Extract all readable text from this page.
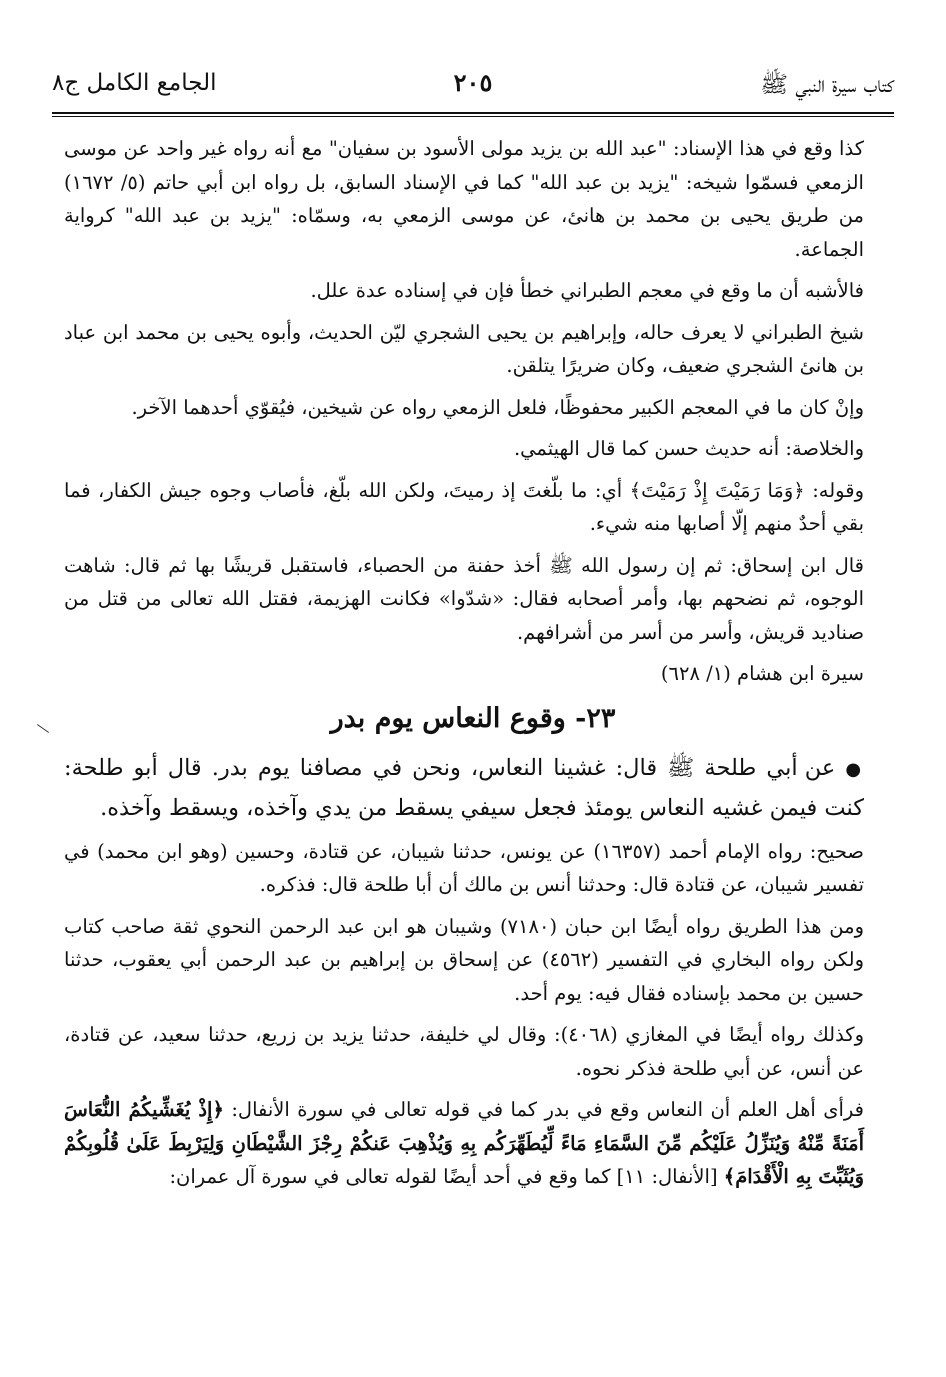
كتاب سيرة النبي ﷺ
٢٠٥
الجامع الكامل ج٨

كذا وقع في هذا الإسناد: "عبد الله بن يزيد مولى الأسود بن سفيان" مع أنه رواه غير واحد عن موسى الزمعي فسمّوا شيخه: "يزيد بن عبد الله" كما في الإسناد السابق، بل رواه ابن أبي حاتم (٥/ ١٦٧٢) من طريق يحيى بن محمد بن هانئ، عن موسى الزمعي به، وسمّاه: "يزيد بن عبد الله" كرواية الجماعة.

فالأشبه أن ما وقع في معجم الطبراني خطأ فإن في إسناده عدة علل.

شيخ الطبراني لا يعرف حاله، وإبراهيم بن يحيى الشجري ليّن الحديث، وأبوه يحيى بن محمد ابن عباد بن هانئ الشجري ضعيف، وكان ضريرًا يتلقن.

وإنْ كان ما في المعجم الكبير محفوظًا، فلعل الزمعي رواه عن شيخين، فيُقوّي أحدهما الآخر.

والخلاصة: أنه حديث حسن كما قال الهيثمي.

وقوله: ﴿وَمَا رَمَيْتَ إِذْ رَمَيْتَ﴾ أي: ما بلّغتَ إذ رميتَ، ولكن الله بلّغ، فأصاب وجوه جيش الكفار، فما بقي أحدٌ منهم إلّا أصابها منه شيء.

قال ابن إسحاق: ثم إن رسول الله ﷺ أخذ حفنة من الحصباء، فاستقبل قريشًا بها ثم قال: شاهت الوجوه، ثم نضحهم بها، وأمر أصحابه فقال: «شدّوا» فكانت الهزيمة، فقتل الله تعالى من قتل من صناديد قريش، وأسر من أسر من أشرافهم.

سيرة ابن هشام (١/ ٦٢٨)

٢٣- وقوع النعاس يوم بدر

● عن أبي طلحة ﷺ قال: غشينا النعاس، ونحن في مصافنا يوم بدر. قال أبو طلحة: كنت فيمن غشيه النعاس يومئذ فجعل سيفي يسقط من يدي وآخذه، ويسقط وآخذه.

صحيح: رواه الإمام أحمد (١٦٣٥٧) عن يونس، حدثنا شيبان، عن قتادة، وحسين (وهو ابن محمد) في تفسير شيبان، عن قتادة قال: وحدثنا أنس بن مالك أن أبا طلحة قال: فذكره.

ومن هذا الطريق رواه أيضًا ابن حبان (٧١٨٠) وشيبان هو ابن عبد الرحمن النحوي ثقة صاحب كتاب ولكن رواه البخاري في التفسير (٤٥٦٢) عن إسحاق بن إبراهيم بن عبد الرحمن أبي يعقوب، حدثنا حسين بن محمد بإسناده فقال فيه: يوم أحد.

وكذلك رواه أيضًا في المغازي (٤٠٦٨): وقال لي خليفة، حدثنا يزيد بن زريع، حدثنا سعيد، عن قتادة، عن أنس، عن أبي طلحة فذكر نحوه.

فرأى أهل العلم أن النعاس وقع في بدر كما في قوله تعالى في سورة الأنفال: ﴿إِذْ يُغَشِّيكُمُ النُّعَاسَ أَمَنَةً مِّنْهُ وَيُنَزِّلُ عَلَيْكُم مِّنَ السَّمَاءِ مَاءً لِّيُطَهِّرَكُم بِهِ وَيُذْهِبَ عَنكُمْ رِجْزَ الشَّيْطَانِ وَلِيَرْبِطَ عَلَىٰ قُلُوبِكُمْ وَيُثَبِّتَ بِهِ الْأَقْدَامَ﴾ [الأنفال: ١١] كما وقع في أحد أيضًا لقوله تعالى في سورة آل عمران:
